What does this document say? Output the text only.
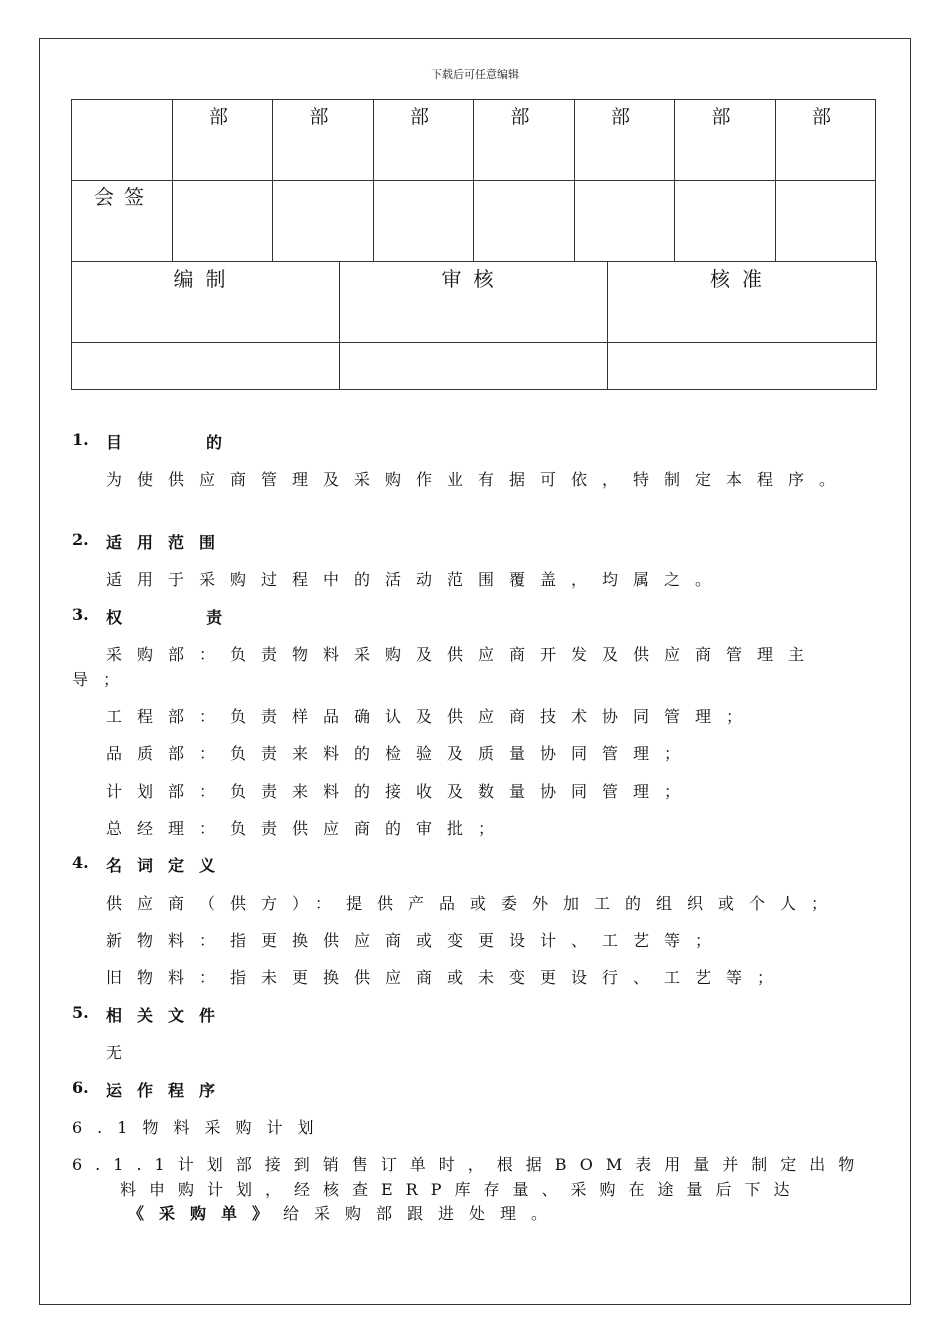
下载后可任意编辑

	部	部	部	部	部	部	部

会签							

编制	审核	核准

1. 目	的
为使供应商管理及采购作业有据可依，特制定本程序。
2. 适用范围
适用于采购过程中的活动范围覆盖，均属之。
3. 权	责
采购部：负责物料采购及供应商开发及供应商管理主
导；
工程部：负责样品确认及供应商技术协同管理；
品质部：负责来料的检验及质量协同管理；
计划部：负责来料的接收及数量协同管理；
总经理：负责供应商的审批；
4. 名词定义
供应商（供方）：提供产品或委外加工的组织或个人；
新物料：指更换供应商或变更设计、工艺等；
旧物料：指未更换供应商或未变更设行、工艺等；
5. 相关文件
无
6. 运作程序
6.1物料采购计划
6.1.1计划部接到销售订单时，根据BOM表用量并制定出物
料申购计划，经核查ERP库存量、采购在途量后下达
《采购单》给采购部跟进处理。
